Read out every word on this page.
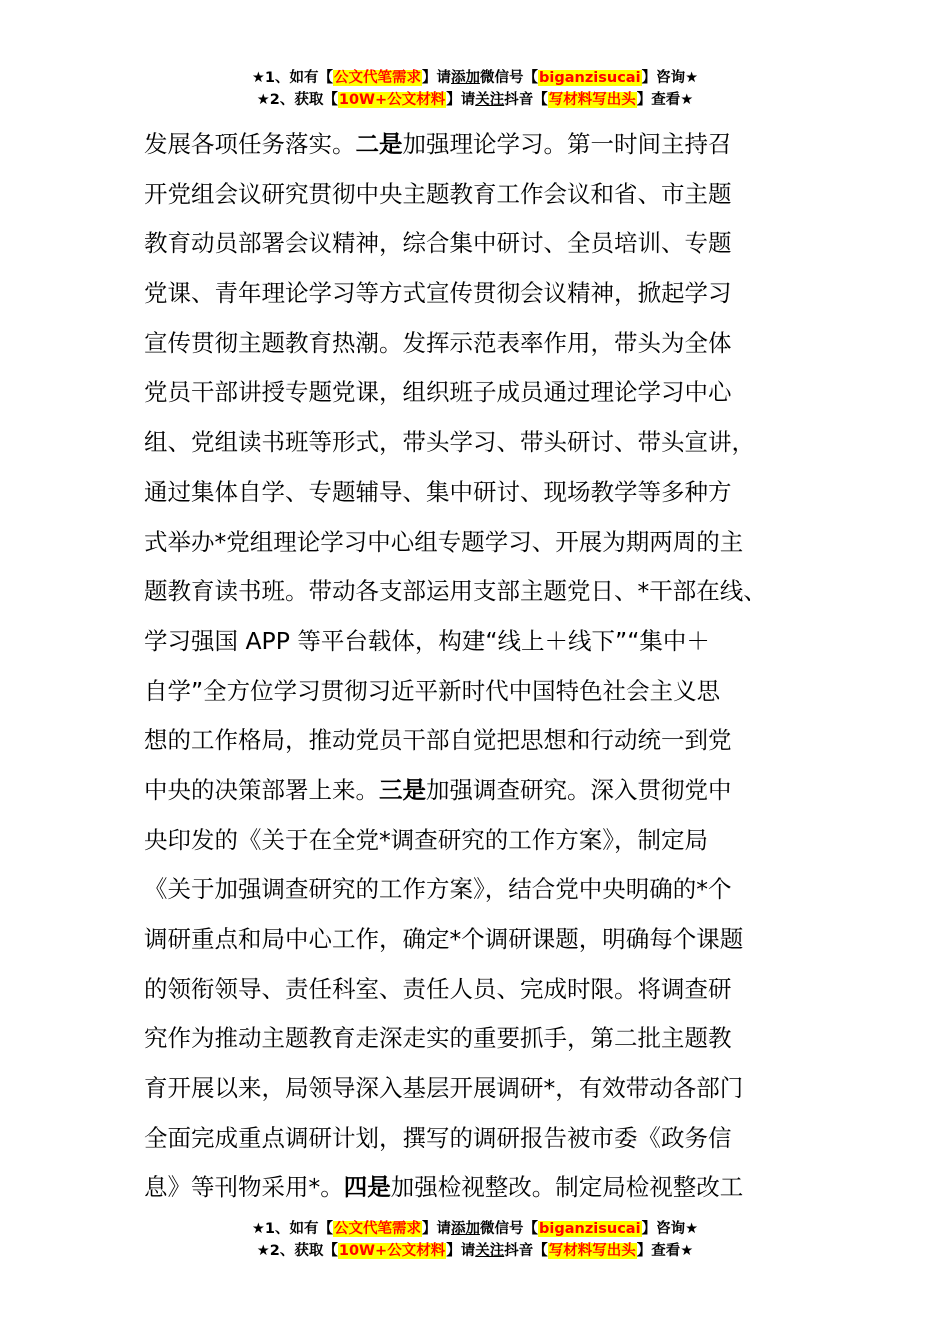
★1、如有【公文代笔需求】请添加微信号【biganzisucai】咨询★
★2、获取【10W+公文材料】请关注抖音【写材料写出头】查看★
发展各项任务落实。二是加强理论学习。第一时间主持召
开党组会议研究贯彻中央主题教育工作会议和省、市主题
教育动员部署会议精神，综合集中研讨、全员培训、专题
党课、青年理论学习等方式宣传贯彻会议精神，掀起学习
宣传贯彻主题教育热潮。发挥示范表率作用，带头为全体
党员干部讲授专题党课，组织班子成员通过理论学习中心
组、党组读书班等形式，带头学习、带头研讨、带头宣讲，
通过集体自学、专题辅导、集中研讨、现场教学等多种方
式举办*党组理论学习中心组专题学习、开展为期两周的主
题教育读书班。带动各支部运用支部主题党日、*干部在线、
学习强国 APP 等平台载体，构建“线上＋线下”“集中＋
自学”全方位学习贯彻习近平新时代中国特色社会主义思
想的工作格局，推动党员干部自觉把思想和行动统一到党
中央的决策部署上来。三是加强调查研究。深入贯彻党中
央印发的《关于在全党*调查研究的工作方案》，制定局
《关于加强调查研究的工作方案》，结合党中央明确的*个
调研重点和局中心工作，确定*个调研课题，明确每个课题
的领衔领导、责任科室、责任人员、完成时限。将调查研
究作为推动主题教育走深走实的重要抓手，第二批主题教
育开展以来，局领导深入基层开展调研*，有效带动各部门
全面完成重点调研计划，撰写的调研报告被市委《政务信
息》等刊物采用*。四是加强检视整改。制定局检视整改工
★1、如有【公文代笔需求】请添加微信号【biganzisucai】咨询★
★2、获取【10W+公文材料】请关注抖音【写材料写出头】查看★
